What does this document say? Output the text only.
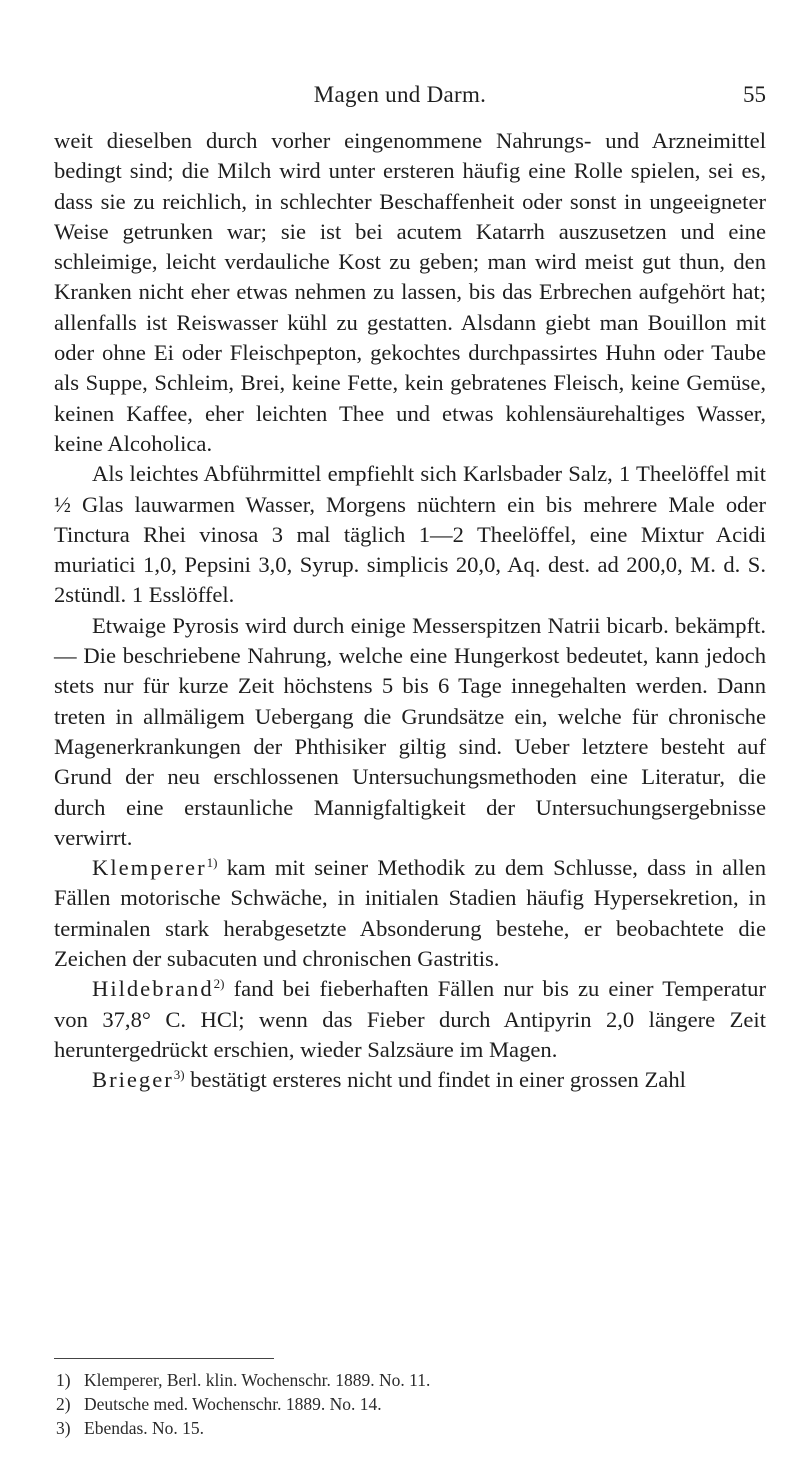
Magen und Darm.	55

weit dieselben durch vorher eingenommene Nahrungs- und Arzneimittel bedingt sind; die Milch wird unter ersteren häufig eine Rolle spielen, sei es, dass sie zu reichlich, in schlechter Beschaffenheit oder sonst in ungeeigneter Weise getrunken war; sie ist bei acutem Katarrh auszusetzen und eine schleimige, leicht verdauliche Kost zu geben; man wird meist gut thun, den Kranken nicht eher etwas nehmen zu lassen, bis das Erbrechen aufgehört hat; allenfalls ist Reiswasser kühl zu gestatten. Alsdann giebt man Bouillon mit oder ohne Ei oder Fleischpepton, gekochtes durchpassirtes Huhn oder Taube als Suppe, Schleim, Brei, keine Fette, kein gebratenes Fleisch, keine Gemüse, keinen Kaffee, eher leichten Thee und etwas kohlensäurehaltiges Wasser, keine Alcoholica.

Als leichtes Abführmittel empfiehlt sich Karlsbader Salz, 1 Theelöffel mit ½ Glas lauwarmen Wasser, Morgens nüchtern ein bis mehrere Male oder Tinctura Rhei vinosa 3 mal täglich 1—2 Theelöffel, eine Mixtur Acidi muriatici 1,0, Pepsini 3,0, Syrup. simplicis 20,0, Aq. dest. ad 200,0, M. d. S. 2stündl. 1 Esslöffel.

Etwaige Pyrosis wird durch einige Messerspitzen Natrii bicarb. bekämpft. — Die beschriebene Nahrung, welche eine Hungerkost bedeutet, kann jedoch stets nur für kurze Zeit höchstens 5 bis 6 Tage innegehalten werden. Dann treten in allmäligem Uebergang die Grundsätze ein, welche für chronische Magenerkrankungen der Phthisiker giltig sind. Ueber letztere besteht auf Grund der neu erschlossenen Untersuchungsmethoden eine Literatur, die durch eine erstaunliche Mannigfaltigkeit der Untersuchungsergebnisse verwirrt.

Klemperer$^{1)}$ kam mit seiner Methodik zu dem Schlusse, dass in allen Fällen motorische Schwäche, in initialen Stadien häufig Hypersekretion, in terminalen stark herabgesetzte Absonderung bestehe, er beobachtete die Zeichen der subacuten und chronischen Gastritis.

Hildebrand$^{2)}$ fand bei fieberhaften Fällen nur bis zu einer Temperatur von 37,8° C. HCl; wenn das Fieber durch Antipyrin 2,0 längere Zeit heruntergedrückt erschien, wieder Salzsäure im Magen.

Brieger$^{3)}$ bestätigt ersteres nicht und findet in einer grossen Zahl

1) Klemperer, Berl. klin. Wochenschr. 1889. No. 11.
2) Deutsche med. Wochenschr. 1889. No. 14.
3) Ebendas. No. 15.
